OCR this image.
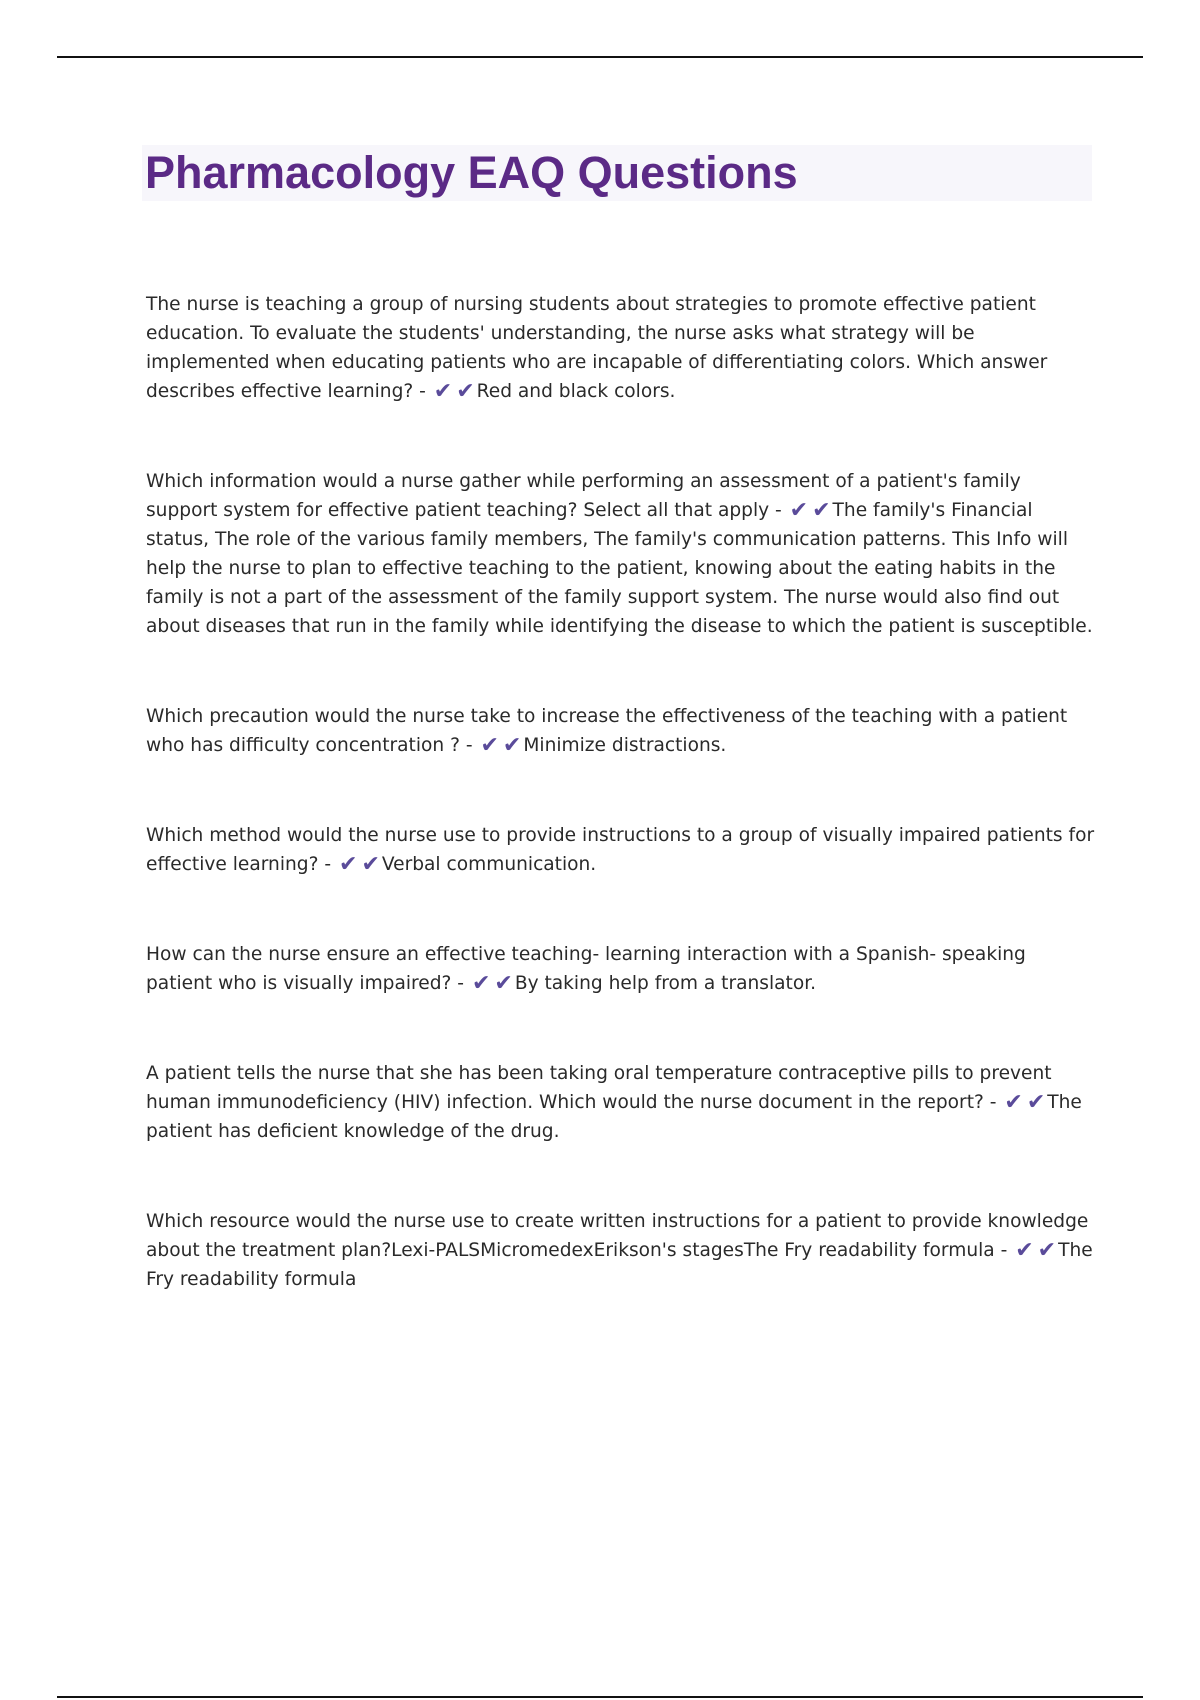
Pharmacology EAQ Questions
The nurse is teaching a group of nursing students about strategies to promote effective patient education. To evaluate the students' understanding, the nurse asks what strategy will be implemented when educating patients who are incapable of differentiating colors. Which answer describes effective learning? - ✔ ✔ Red and black colors.
Which information would a nurse gather while performing an assessment of a patient's family support system for effective patient teaching? Select all that apply - ✔ ✔ The family's Financial status, The role of the various family members, The family's communication patterns. This Info will help the nurse to plan to effective teaching to the patient, knowing about the eating habits in the family is not a part of the assessment of the family support system. The nurse would also find out about diseases that run in the family while identifying the disease to which the patient is susceptible.
Which precaution would the nurse take to increase the effectiveness of the teaching with a patient who has difficulty concentration ? - ✔ ✔ Minimize distractions.
Which method would the nurse use to provide instructions to a group of visually impaired patients for effective learning? - ✔ ✔ Verbal communication.
How can the nurse ensure an effective teaching- learning interaction with a Spanish- speaking patient who is visually impaired? - ✔ ✔ By taking help from a translator.
A patient tells the nurse that she has been taking oral temperature contraceptive pills to prevent human immunodeficiency (HIV) infection. Which would the nurse document in the report? - ✔ ✔ The patient has deficient knowledge of the drug.
Which resource would the nurse use to create written instructions for a patient to provide knowledge about the treatment plan?Lexi-PALSMicromedexErikson's stagesThe Fry readability formula - ✔ ✔ The Fry readability formula
